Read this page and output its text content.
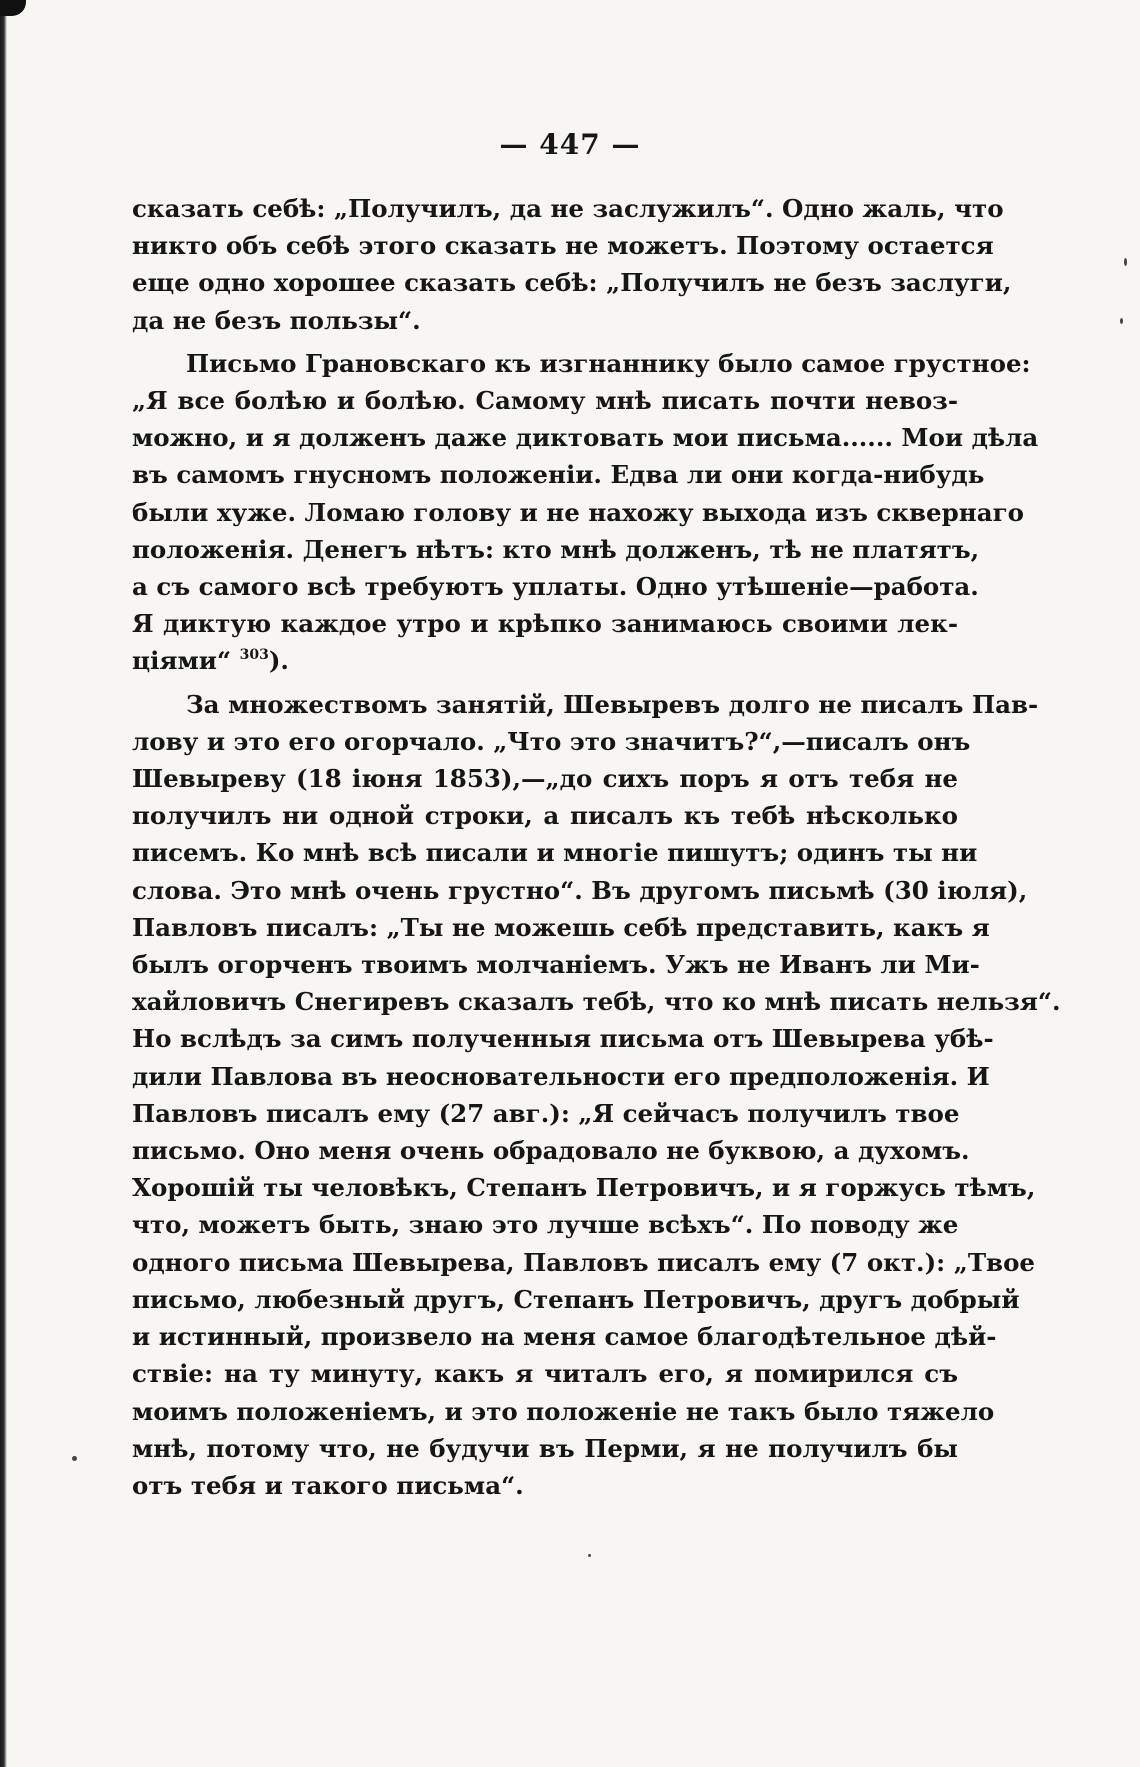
— 447 —
сказать себѣ: „Получилъ, да не заслужилъ“. Одно жаль, что
никто объ себѣ этого сказать не можетъ. Поэтому остается
еще одно хорошее сказать себѣ: „Получилъ не безъ заслуги,
да не безъ пользы“.
Письмо Грановскаго къ изгнаннику было самое грустное:
„Я все болѣю и болѣю. Самому мнѣ писать почти невоз-
можно, и я долженъ даже диктовать мои письма...... Мои дѣла
въ самомъ гнусномъ положеніи. Едва ли они когда-нибудь
были хуже. Ломаю голову и не нахожу выхода изъ сквернаго
положенія. Денегъ нѣтъ: кто мнѣ долженъ, тѣ не платятъ,
а съ самого всѣ требуютъ уплаты. Одно утѣшеніе—работа.
Я диктую каждое утро и крѣпко занимаюсь своими лек-
ціями“ $^{303}$).
За множествомъ занятій, Шевыревъ долго не писалъ Пав-
лову и это его огорчало. „Что это значитъ?“,—писалъ онъ
Шевыреву (18 іюня 1853),—„до сихъ поръ я отъ тебя не
получилъ ни одной строки, а писалъ къ тебѣ нѣсколько
писемъ. Ко мнѣ всѣ писали и многіе пишутъ; одинъ ты ни
слова. Это мнѣ очень грустно“. Въ другомъ письмѣ (30 іюля),
Павловъ писалъ: „Ты не можешь себѣ представить, какъ я
былъ огорченъ твоимъ молчаніемъ. Ужъ не Иванъ ли Ми-
хайловичъ Снегиревъ сказалъ тебѣ, что ко мнѣ писать нельзя“.
Но вслѣдъ за симъ полученныя письма отъ Шевырева убѣ-
дили Павлова въ неосновательности его предположенія. И
Павловъ писалъ ему (27 авг.): „Я сейчасъ получилъ твое
письмо. Оно меня очень обрадовало не буквою, а духомъ.
Хорошій ты человѣкъ, Степанъ Петровичъ, и я горжусь тѣмъ,
что, можетъ быть, знаю это лучше всѣхъ“. По поводу же
одного письма Шевырева, Павловъ писалъ ему (7 окт.): „Твое
письмо, любезный другъ, Степанъ Петровичъ, другъ добрый
и истинный, произвело на меня самое благодѣтельное дѣй-
ствіе: на ту минуту, какъ я читалъ его, я помирился съ
моимъ положеніемъ, и это положеніе не такъ было тяжело
мнѣ, потому что, не будучи въ Перми, я не получилъ бы
отъ тебя и такого письма“.
